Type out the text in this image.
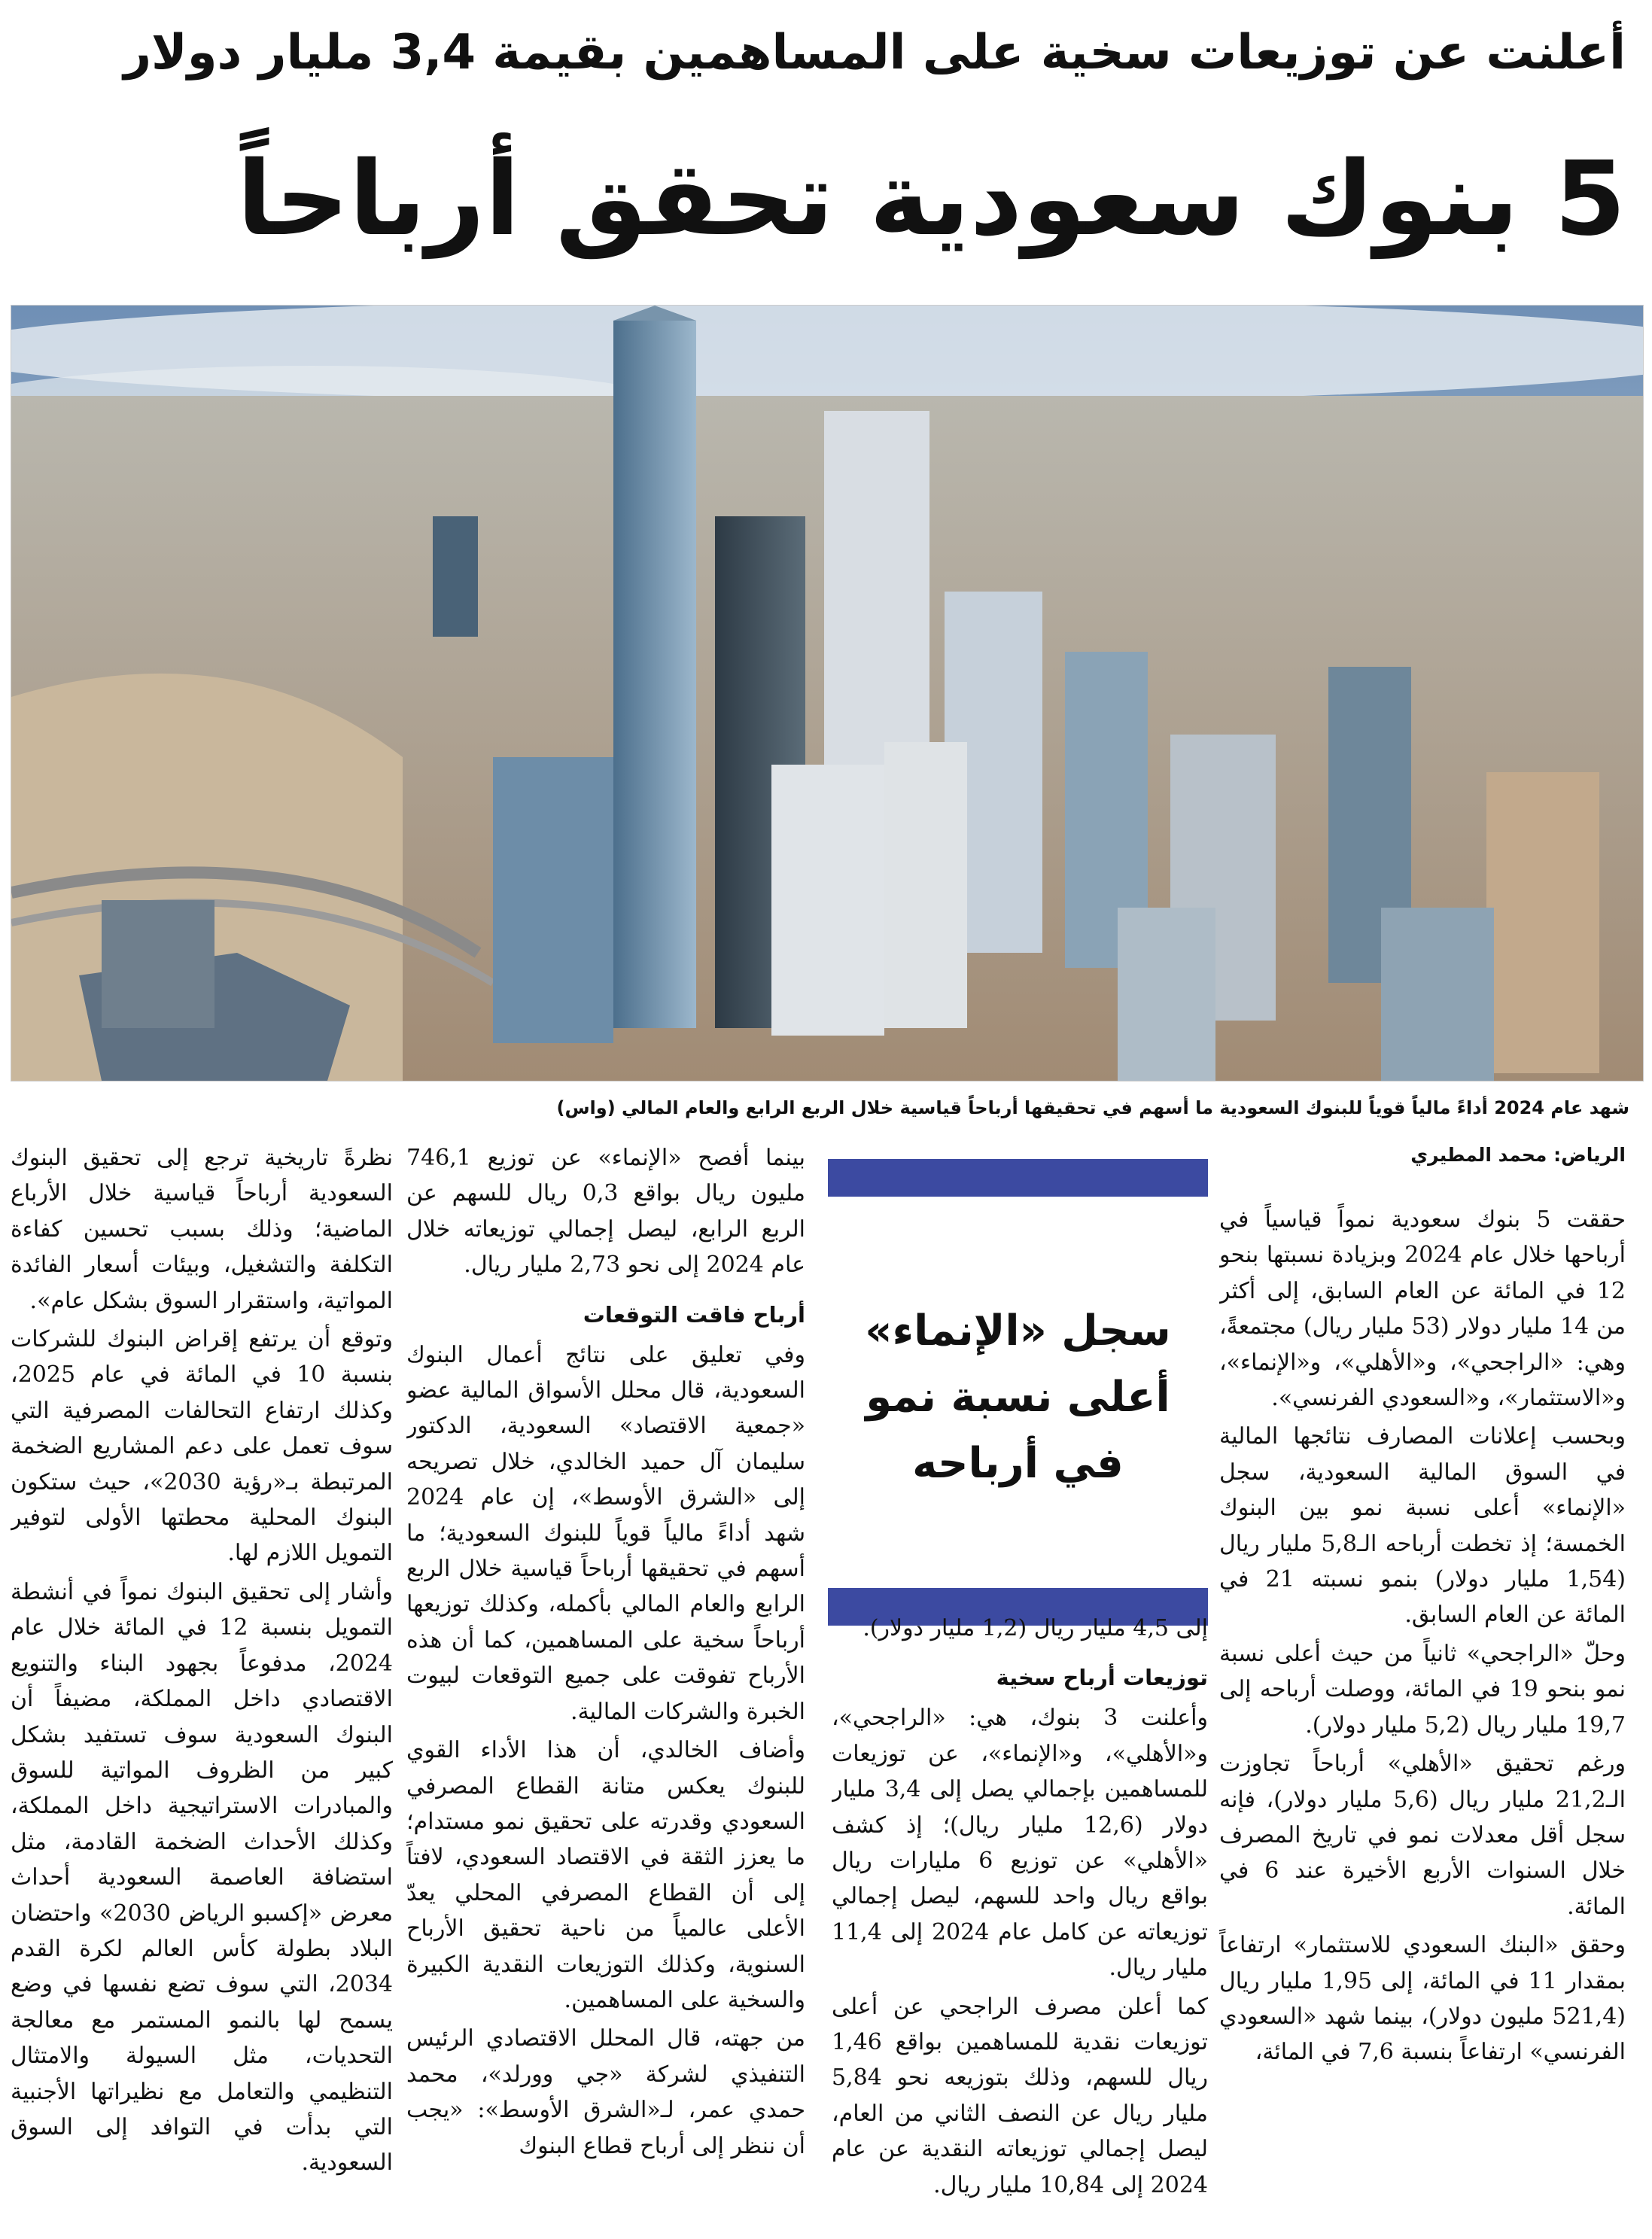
أعلنت عن توزيعات سخية على المساهمين بقيمة 3,4 مليار دولار
5 بنوك سعودية تحقق أرباحاً
شهد عام 2024 أداءً مالياً قوياً للبنوك السعودية ما أسهم في تحقيقها أرباحاً قياسية خلال الربع الرابع والعام المالي (واس)
الرياض: محمد المطيري

حققت 5 بنوك سعودية نمواً قياسياً في أرباحها خلال عام 2024 وبزيادة نسبتها بنحو 12 في المائة عن العام السابق، إلى أكثر من 14 مليار دولار (53 مليار ريال) مجتمعةً، وهي: «الراجحي»، و«الأهلي»، و«الإنماء»، و«الاستثمار»، و«السعودي الفرنسي».

وبحسب إعلانات المصارف نتائجها المالية في السوق المالية السعودية، سجل «الإنماء» أعلى نسبة نمو بين البنوك الخمسة؛ إذ تخطت أرباحه الـ5,8 مليار ريال (1,54 مليار دولار) بنمو نسبته 21 في المائة عن العام السابق.

وحلّ «الراجحي» ثانياً من حيث أعلى نسبة نمو بنحو 19 في المائة، ووصلت أرباحه إلى 19,7 مليار ريال (5,2 مليار دولار).

ورغم تحقيق «الأهلي» أرباحاً تجاوزت الـ21,2 مليار ريال (5,6 مليار دولار)، فإنه سجل أقل معدلات نمو في تاريخ المصرف خلال السنوات الأربع الأخيرة عند 6 في المائة.

وحقق «البنك السعودي للاستثمار» ارتفاعاً بمقدار 11 في المائة، إلى 1,95 مليار ريال (521,4 مليون دولار)، بينما شهد «السعودي الفرنسي» ارتفاعاً بنسبة 7,6 في المائة،

سجل «الإنماء» أعلى نسبة نمو في أرباحه

إلى 4,5 مليار ريال (1,2 مليار دولار).

توزيعات أرباح سخية

وأعلنت 3 بنوك، هي: «الراجحي»، و«الأهلي»، و«الإنماء»، عن توزيعات للمساهمين بإجمالي يصل إلى 3,4 مليار دولار (12,6 مليار ريال)؛ إذ كشف «الأهلي» عن توزيع 6 مليارات ريال بواقع ريال واحد للسهم، ليصل إجمالي توزيعاته عن كامل عام 2024 إلى 11,4 مليار ريال.

كما أعلن مصرف الراجحي عن أعلى توزيعات نقدية للمساهمين بواقع 1,46 ريال للسهم، وذلك بتوزيعه نحو 5,84 مليار ريال عن النصف الثاني من العام، ليصل إجمالي توزيعاته النقدية عن عام 2024 إلى 10,84 مليار ريال.

بينما أفصح «الإنماء» عن توزيع 746,1 مليون ريال بواقع 0,3 ريال للسهم عن الربع الرابع، ليصل إجمالي توزيعاته خلال عام 2024 إلى نحو 2,73 مليار ريال.

أرباح فاقت التوقعات

وفي تعليق على نتائج أعمال البنوك السعودية، قال محلل الأسواق المالية عضو «جمعية الاقتصاد» السعودية، الدكتور سليمان آل حميد الخالدي، خلال تصريحه إلى «الشرق الأوسط»، إن عام 2024 شهد أداءً مالياً قوياً للبنوك السعودية؛ ما أسهم في تحقيقها أرباحاً قياسية خلال الربع الرابع والعام المالي بأكمله، وكذلك توزيعها أرباحاً سخية على المساهمين، كما أن هذه الأرباح تفوقت على جميع التوقعات لبيوت الخبرة والشركات المالية.

وأضاف الخالدي، أن هذا الأداء القوي للبنوك يعكس متانة القطاع المصرفي السعودي وقدرته على تحقيق نمو مستدام؛ ما يعزز الثقة في الاقتصاد السعودي، لافتاً إلى أن القطاع المصرفي المحلي يعدّ الأعلى عالمياً من ناحية تحقيق الأرباح السنوية، وكذلك التوزيعات النقدية الكبيرة والسخية على المساهمين.

من جهته، قال المحلل الاقتصادي الرئيس التنفيذي لشركة «جي وورلد»، محمد حمدي عمر، لـ«الشرق الأوسط»: «يجب أن ننظر إلى أرباح قطاع البنوك

نظرةً تاريخية ترجع إلى تحقيق البنوك السعودية أرباحاً قياسية خلال الأرباع الماضية؛ وذلك بسبب تحسين كفاءة التكلفة والتشغيل، وبيئات أسعار الفائدة المواتية، واستقرار السوق بشكل عام».

وتوقع أن يرتفع إقراض البنوك للشركات بنسبة 10 في المائة في عام 2025، وكذلك ارتفاع التحالفات المصرفية التي سوف تعمل على دعم المشاريع الضخمة المرتبطة بـ«رؤية 2030»، حيث ستكون البنوك المحلية محطتها الأولى لتوفير التمويل اللازم لها.

وأشار إلى تحقيق البنوك نمواً في أنشطة التمويل بنسبة 12 في المائة خلال عام 2024، مدفوعاً بجهود البناء والتنويع الاقتصادي داخل المملكة، مضيفاً أن البنوك السعودية سوف تستفيد بشكل كبير من الظروف المواتية للسوق والمبادرات الاستراتيجية داخل المملكة، وكذلك الأحداث الضخمة القادمة، مثل استضافة العاصمة السعودية أحداث معرض «إكسبو الرياض 2030» واحتضان البلاد بطولة كأس العالم لكرة القدم 2034، التي سوف تضع نفسها في وضع يسمح لها بالنمو المستمر مع معالجة التحديات، مثل السيولة والامتثال التنظيمي والتعامل مع نظيراتها الأجنبية التي بدأت في التوافد إلى السوق السعودية.
